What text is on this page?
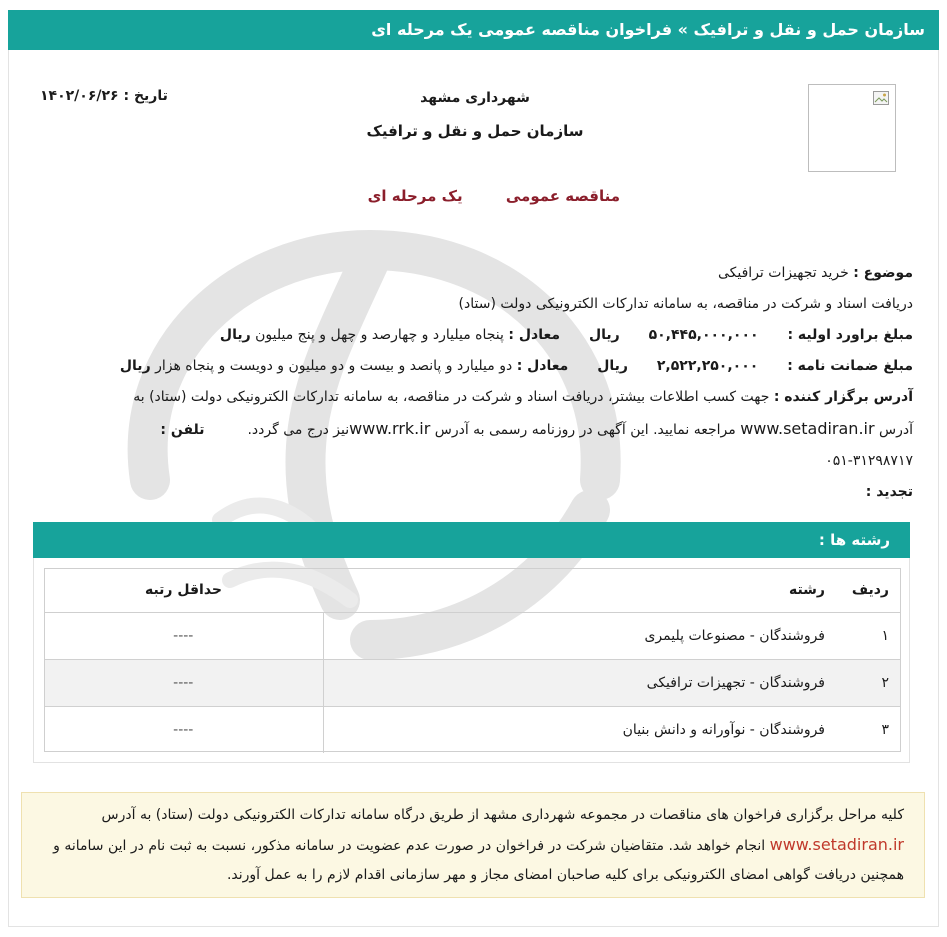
سازمان حمل و نقل و ترافیک » فراخوان مناقصه عمومی یک مرحله ای
تاریخ : ۱۴۰۲/۰۶/۲۶	شهرداری مشهد
سازمان حمل و نقل و ترافیک
مناقصه عمومی یک مرحله ای
موضوع : خرید تجهیزات ترافیکی
دریافت اسناد و شرکت در مناقصه، به سامانه تدارکات الکترونیکی دولت (ستاد)
مبلغ براورد اولیه :  ۵۰,۴۴۵,۰۰۰,۰۰۰  ریال  معادل : پنجاه میلیارد و چهارصد و چهل و پنج میلیون ریال
مبلغ ضمانت نامه :  ۲,۵۲۲,۲۵۰,۰۰۰  ریال  معادل : دو میلیارد و پانصد و بیست و دو میلیون و دویست و پنجاه هزار ریال
آدرس برگزار کننده : جهت کسب اطلاعات بیشتر، دریافت اسناد و شرکت در مناقصه، به سامانه تدارکات الکترونیکی دولت (ستاد) به
آدرس www.setadiran.ir مراجعه نمایید. این آگهی در روزنامه رسمی به آدرس www.rrk.irنیز درج می گردد.  تلفن :
۰۵۱-۳۱۲۹۸۷۱۷
تجدید :
رشته ها :
ردیف	رشته	حداقل رتبه
۱	فروشندگان - مصنوعات پلیمری	----
۲	فروشندگان - تجهیزات ترافیکی	----
۳	فروشندگان - نوآورانه و دانش بنیان	----
کلیه مراحل برگزاری فراخوان های مناقصات در مجموعه شهرداری مشهد از طریق درگاه سامانه تدارکات الکترونیکی دولت (ستاد) به آدرس www.setadiran.ir انجام خواهد شد. متقاضیان شرکت در فراخوان در صورت عدم عضویت در سامانه مذکور، نسبت به ثبت نام در این سامانه و همچنین دریافت گواهی امضای الکترونیکی برای کلیه صاحبان امضای مجاز و مهر سازمانی اقدام لازم را به عمل آورند.
